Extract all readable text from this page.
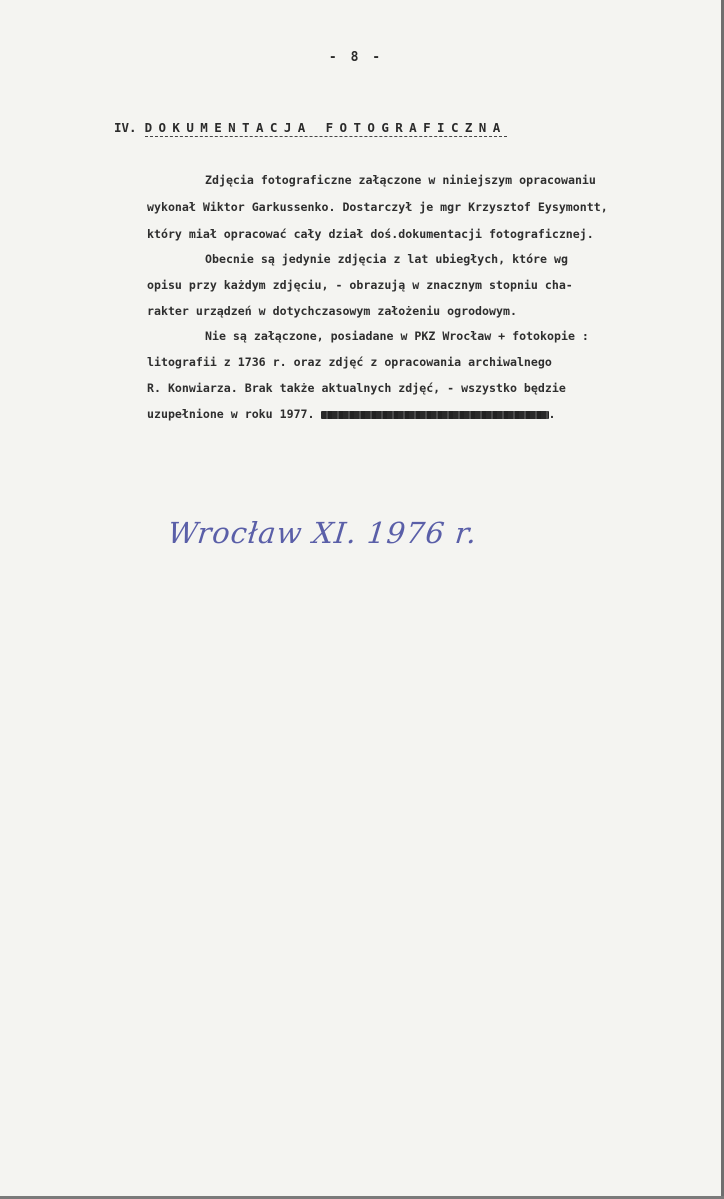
- 8 -
IV. DOKUMENTACJA FOTOGRAFICZNA
Zdjęcia fotograficzne załączone w niniejszym opracowaniu
wykonał Wiktor Garkussenko. Dostarczył je mgr Krzysztof Eysymontt,
który miał opracować cały dział doś.dokumentacji fotograficznej.
Obecnie są jedynie zdjęcia z lat ubiegłych, które wg
opisu przy każdym zdjęciu, - obrazują w znacznym stopniu cha-
rakter urządzeń w dotychczasowym założeniu ogrodowym.
Nie są załączone, posiadane w PKZ Wrocław + fotokopie :
litografii z 1736 r. oraz zdjęć z opracowania archiwalnego
R. Konwiarza. Brak także aktualnych zdjęć, - wszystko będzie
uzupełnione w roku 1977.	.
Wrocław XI. 1976 r.
